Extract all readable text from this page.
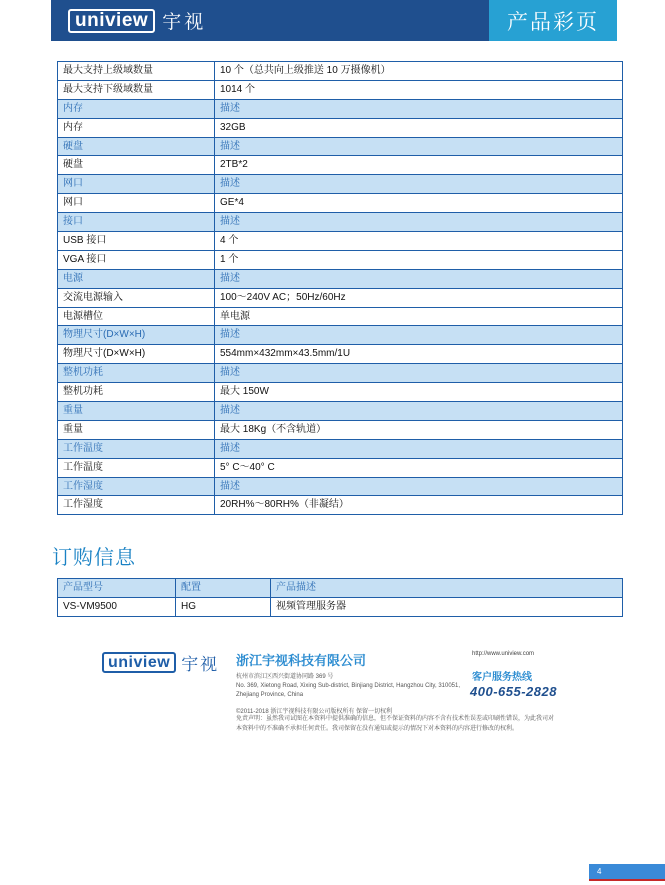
uniview 宇视	产品彩页
最大支持上级域数量	10 个（总共向上级推送 10 万摄像机）
最大支持下级域数量	1014 个
内存	描述
内存	32GB
硬盘	描述
硬盘	2TB*2
网口	描述
网口	GE*4
接口	描述
USB 接口	4 个
VGA 接口	1 个
电源	描述
交流电源输入	100～240V AC；50Hz/60Hz
电源槽位	单电源
物理尺寸(D×W×H)	描述
物理尺寸(D×W×H)	554mm×432mm×43.5mm/1U
整机功耗	描述
整机功耗	最大 150W
重量	描述
重量	最大 18Kg（不含轨道）
工作温度	描述
工作温度	5° C～40° C
工作湿度	描述
工作湿度	20RH%～80RH%（非凝结）
订购信息
产品型号	配置	产品描述
VS-VM9500	HG	视频管理服务器
uniview 宇视 浙江宇视科技有限公司
杭州市滨江区西兴街道协同路 369 号
No. 369, Xietong Road, Xixing Sub-district, Binjiang District, Hangzhou City, 310051, Zhejiang Province, China
©2011-2018 浙江宇视科技有限公司版权所有 保留一切权利
免责声明：虽然我司试图在本资料中提供准确的信息，但不保证资料的内容不含有技术性误差或印刷性错误，为此我司对本资料中的不准确不承担任何责任。我司保留在没有通知或提示的情况下对本资料的内容进行修改的权利。
http://www.uniview.com
客户服务热线
400-655-2828
4
